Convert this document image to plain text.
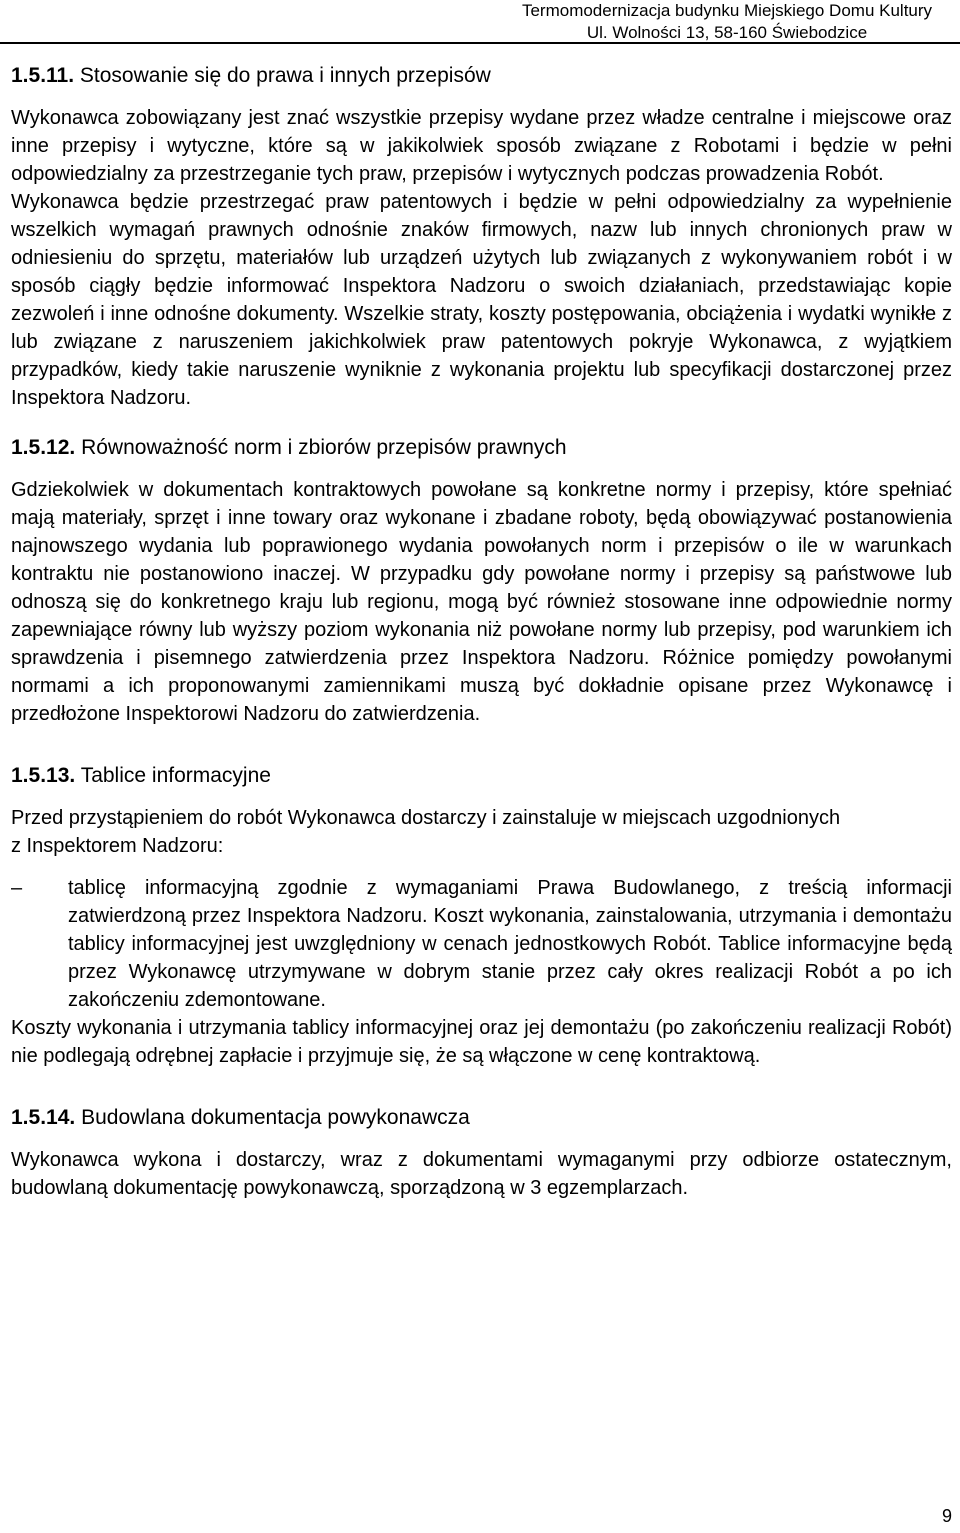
Termomodernizacja budynku Miejskiego Domu Kultury
Ul. Wolności 13, 58-160 Świebodzice
1.5.11. Stosowanie się do prawa i innych przepisów

Wykonawca zobowiązany jest znać wszystkie przepisy wydane przez władze centralne i miejscowe oraz inne przepisy i wytyczne, które są w jakikolwiek sposób związane z Robotami i będzie w pełni odpowiedzialny za przestrzeganie tych praw, przepisów i wytycznych podczas prowadzenia Robót.

Wykonawca będzie przestrzegać praw patentowych i będzie w pełni odpowiedzialny za wypełnienie wszelkich wymagań prawnych odnośnie znaków firmowych, nazw lub innych chronionych praw w odniesieniu do sprzętu, materiałów lub urządzeń użytych lub związanych z wykonywaniem robót i w sposób ciągły będzie informować Inspektora Nadzoru o swoich działaniach, przedstawiając kopie zezwoleń i inne odnośne dokumenty. Wszelkie straty, koszty postępowania, obciążenia i wydatki wynikłe z lub związane z naruszeniem jakichkolwiek praw patentowych pokryje Wykonawca, z wyjątkiem przypadków, kiedy takie naruszenie wyniknie z wykonania projektu lub specyfikacji dostarczonej przez Inspektora Nadzoru.

1.5.12. Równoważność norm i zbiorów przepisów prawnych

Gdziekolwiek w dokumentach kontraktowych powołane są konkretne normy i przepisy, które spełniać mają materiały, sprzęt i inne towary oraz wykonane i zbadane roboty, będą obowiązywać postanowienia najnowszego wydania lub poprawionego wydania powołanych norm i przepisów o ile w warunkach kontraktu nie postanowiono inaczej. W przypadku gdy powołane normy i przepisy są państwowe lub odnoszą się do konkretnego kraju lub regionu, mogą być również stosowane inne odpowiednie normy zapewniające równy lub wyższy poziom wykonania niż powołane normy lub przepisy, pod warunkiem ich sprawdzenia i pisemnego zatwierdzenia przez Inspektora Nadzoru. Różnice pomiędzy powołanymi normami a ich proponowanymi zamiennikami muszą być dokładnie opisane przez Wykonawcę i przedłożone Inspektorowi Nadzoru do zatwierdzenia.

1.5.13. Tablice informacyjne

Przed przystąpieniem do robót Wykonawca dostarczy i zainstaluje w miejscach uzgodnionych

z Inspektorem Nadzoru:

–	tablicę informacyjną zgodnie z wymaganiami Prawa Budowlanego, z treścią informacji zatwierdzoną przez Inspektora Nadzoru. Koszt wykonania, zainstalowania, utrzymania i demontażu tablicy informacyjnej jest uwzględniony w cenach jednostkowych Robót. Tablice informacyjne będą przez Wykonawcę utrzymywane w dobrym stanie przez cały okres realizacji Robót a po ich zakończeniu zdemontowane.

Koszty wykonania i utrzymania tablicy informacyjnej oraz jej demontażu (po zakończeniu realizacji Robót) nie podlegają odrębnej zapłacie i przyjmuje się, że są włączone w cenę kontraktową.

1.5.14. Budowlana dokumentacja powykonawcza

Wykonawca wykona i dostarczy, wraz z dokumentami wymaganymi przy odbiorze ostatecznym, budowlaną dokumentację powykonawczą, sporządzoną w 3 egzemplarzach.

9
